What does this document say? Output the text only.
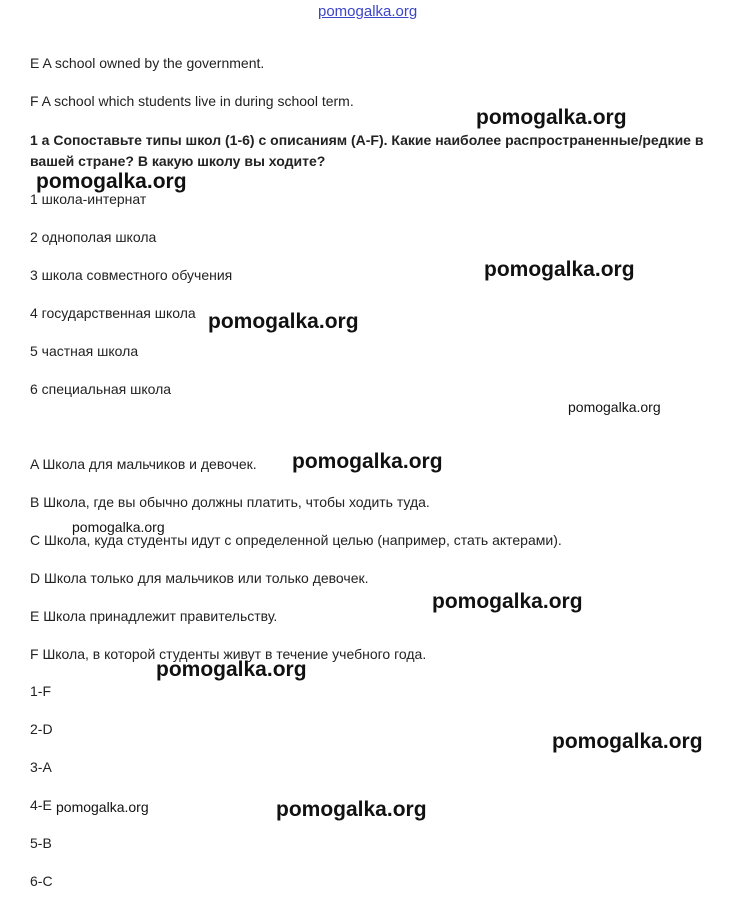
pomogalka.org
E A school owned by the government.
F A school which students live in during school term.
1 a Сопоставьте типы школ (1-6) с описаниям (A-F). Какие наиболее распространенные/редкие в вашей стране? В какую школу вы ходите?
1 школа-интернат
2 однополая школа
3 школа совместного обучения
4 государственная школа
5 частная школа
6 специальная школа
A Школа для мальчиков и девочек.
B Школа, где вы обычно должны платить, чтобы ходить туда.
C Школа, куда студенты идут с определенной целью (например, стать актерами).
D Школа только для мальчиков или только девочек.
E Школа принадлежит правительству.
F Школа, в которой студенты живут в течение учебного года.
1-F
2-D
3-A
4-E
5-B
6-C
pomogalka.org
pomogalka.org
pomogalka.org
pomogalka.org
pomogalka.org
pomogalka.org
pomogalka.org
pomogalka.org
pomogalka.org
pomogalka.org
pomogalka.org	pomogalka.org
